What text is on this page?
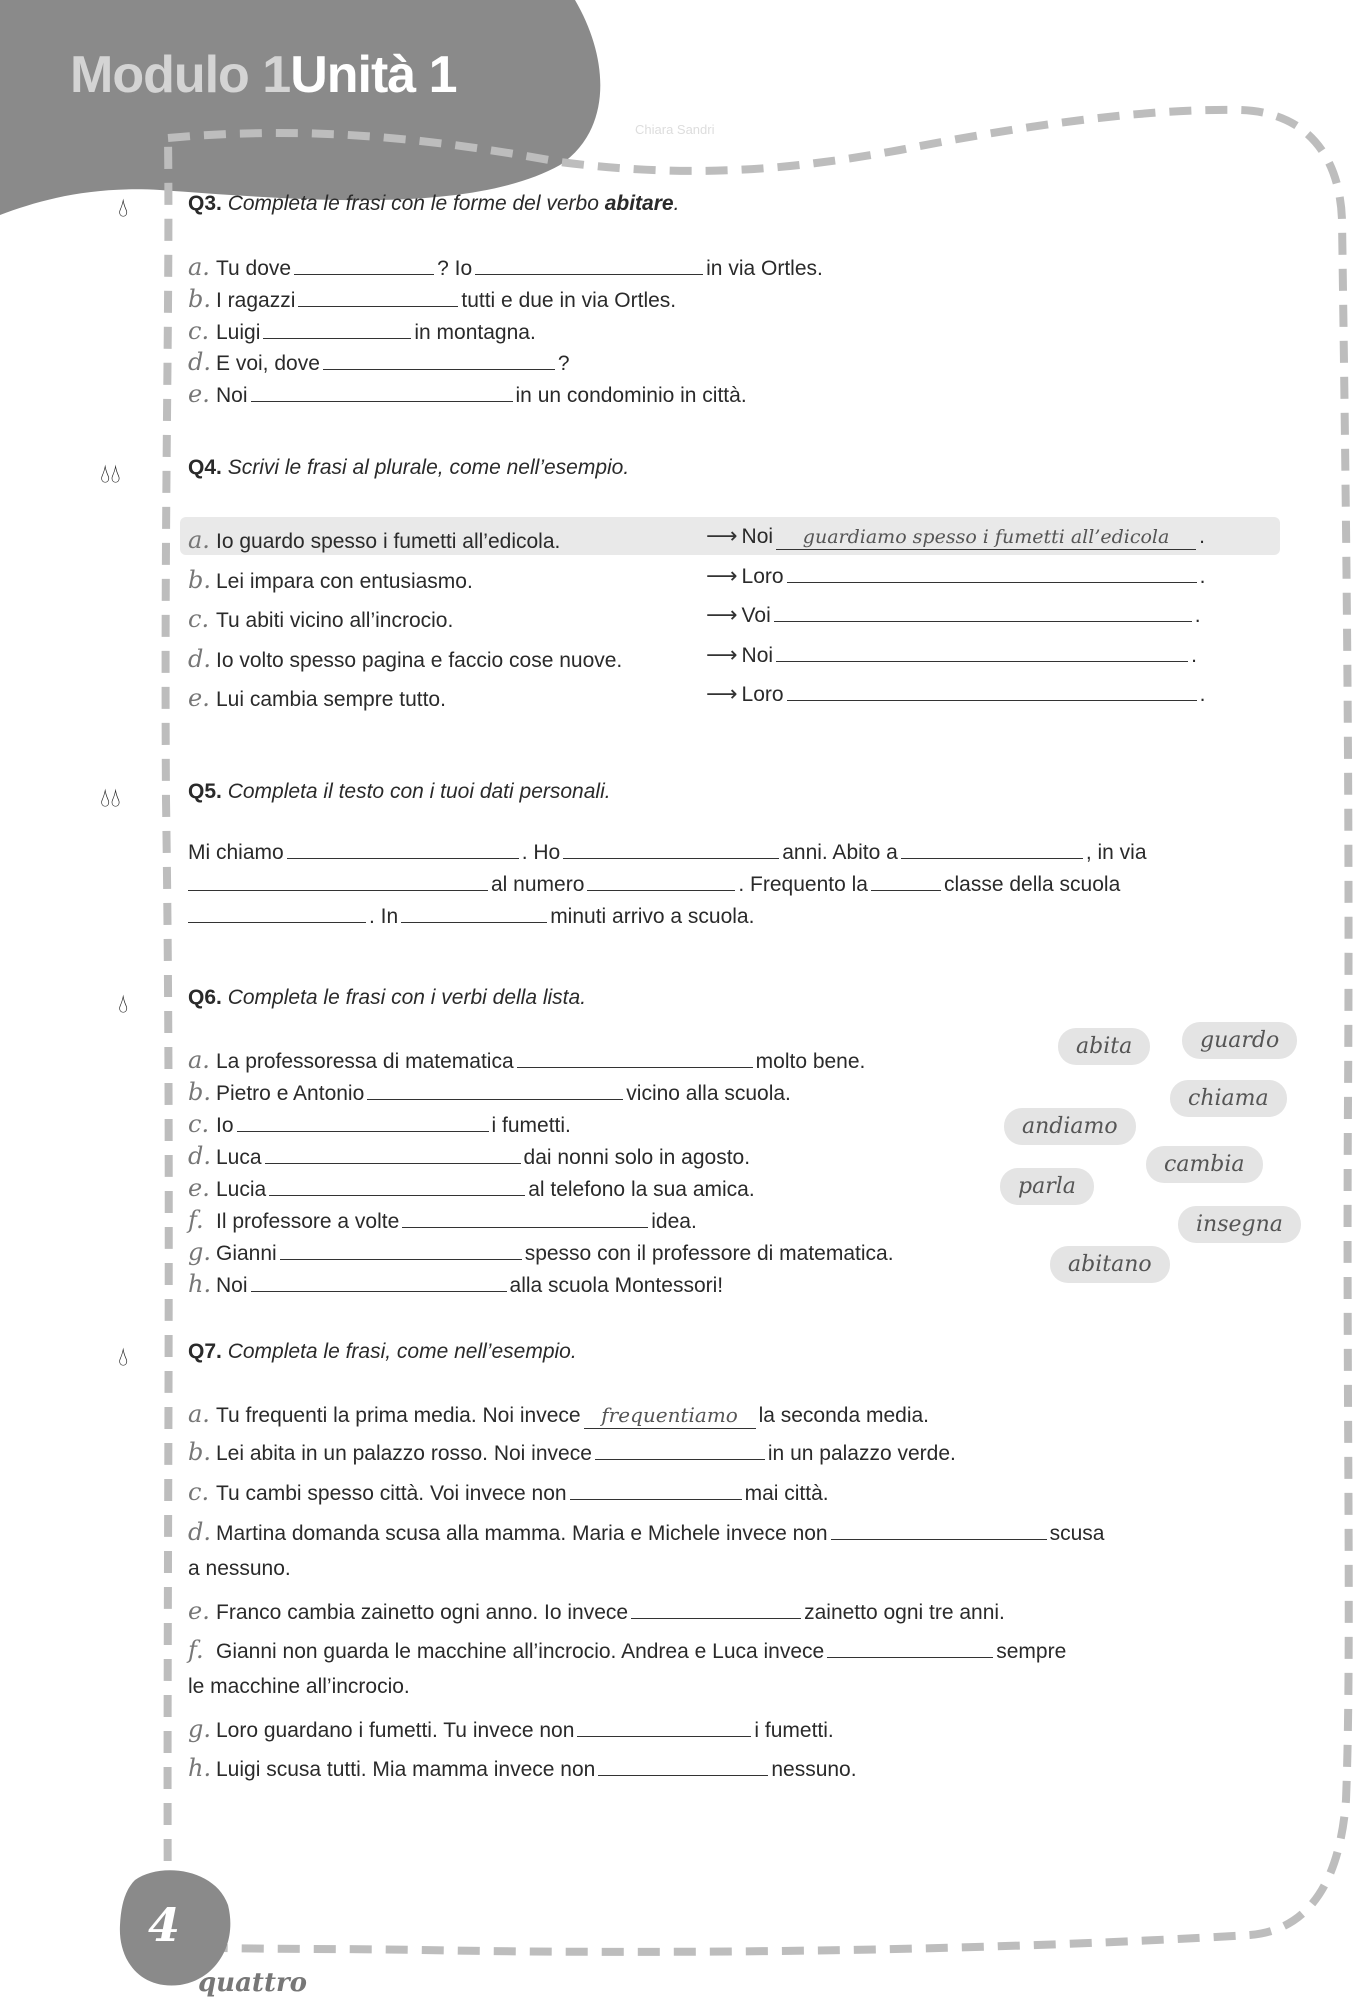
Modulo 1Unità 1
Chiara Sandri
💧︎
💧︎💧︎
💧︎💧︎
💧︎
💧︎
Q3. Completa le frasi con le forme del verbo abitare.
a. Tu dove	? Io	in via Ortles.
b. I ragazzi	tutti e due in via Ortles.
c. Luigi	in montagna.
d. E voi, dove	?
e. Noi	in un condominio in città.
Q4. Scrivi le frasi al plurale, come nell’esempio.
a. Io guardo spesso i fumetti all’edicola.	⟶ Noi guardiamo spesso i fumetti all’edicola .
b. Lei impara con entusiasmo.	⟶ Loro	.
c. Tu abiti vicino all’incrocio.	⟶ Voi	.
d. Io volto spesso pagina e faccio cose nuove.	⟶ Noi	.
e. Lui cambia sempre tutto.	⟶ Loro	.
Q5. Completa il testo con i tuoi dati personali.
Mi chiamo	. Ho	anni. Abito a	, in via
al numero	. Frequento la	classe della scuola
. In	minuti arrivo a scuola.
Q6. Completa le frasi con i verbi della lista.
a. La professoressa di matematica	molto bene.
b. Pietro e Antonio	vicino alla scuola.
c. Io	i fumetti.
d. Luca	dai nonni solo in agosto.
e. Lucia	al telefono la sua amica.
f. Il professore a volte	idea.
g. Gianni	spesso con il professore di matematica.
h. Noi	alla scuola Montessori!
abita	guardo
chiama
andiamo
cambia
parla
insegna
abitano
Q7. Completa le frasi, come nell’esempio.
a. Tu frequenti la prima media. Noi invece frequentiamo la seconda media.
b. Lei abita in un palazzo rosso. Noi invece	in un palazzo verde.
c. Tu cambi spesso città. Voi invece non	mai città.
d. Martina domanda scusa alla mamma. Maria e Michele invece non	scusa
a nessuno.
e. Franco cambia zainetto ogni anno. Io invece	zainetto ogni tre anni.
f. Gianni non guarda le macchine all’incrocio. Andrea e Luca invece	sempre
le macchine all’incrocio.
g. Loro guardano i fumetti. Tu invece non	i fumetti.
h. Luigi scusa tutti. Mia mamma invece non	nessuno.
4
quattro
